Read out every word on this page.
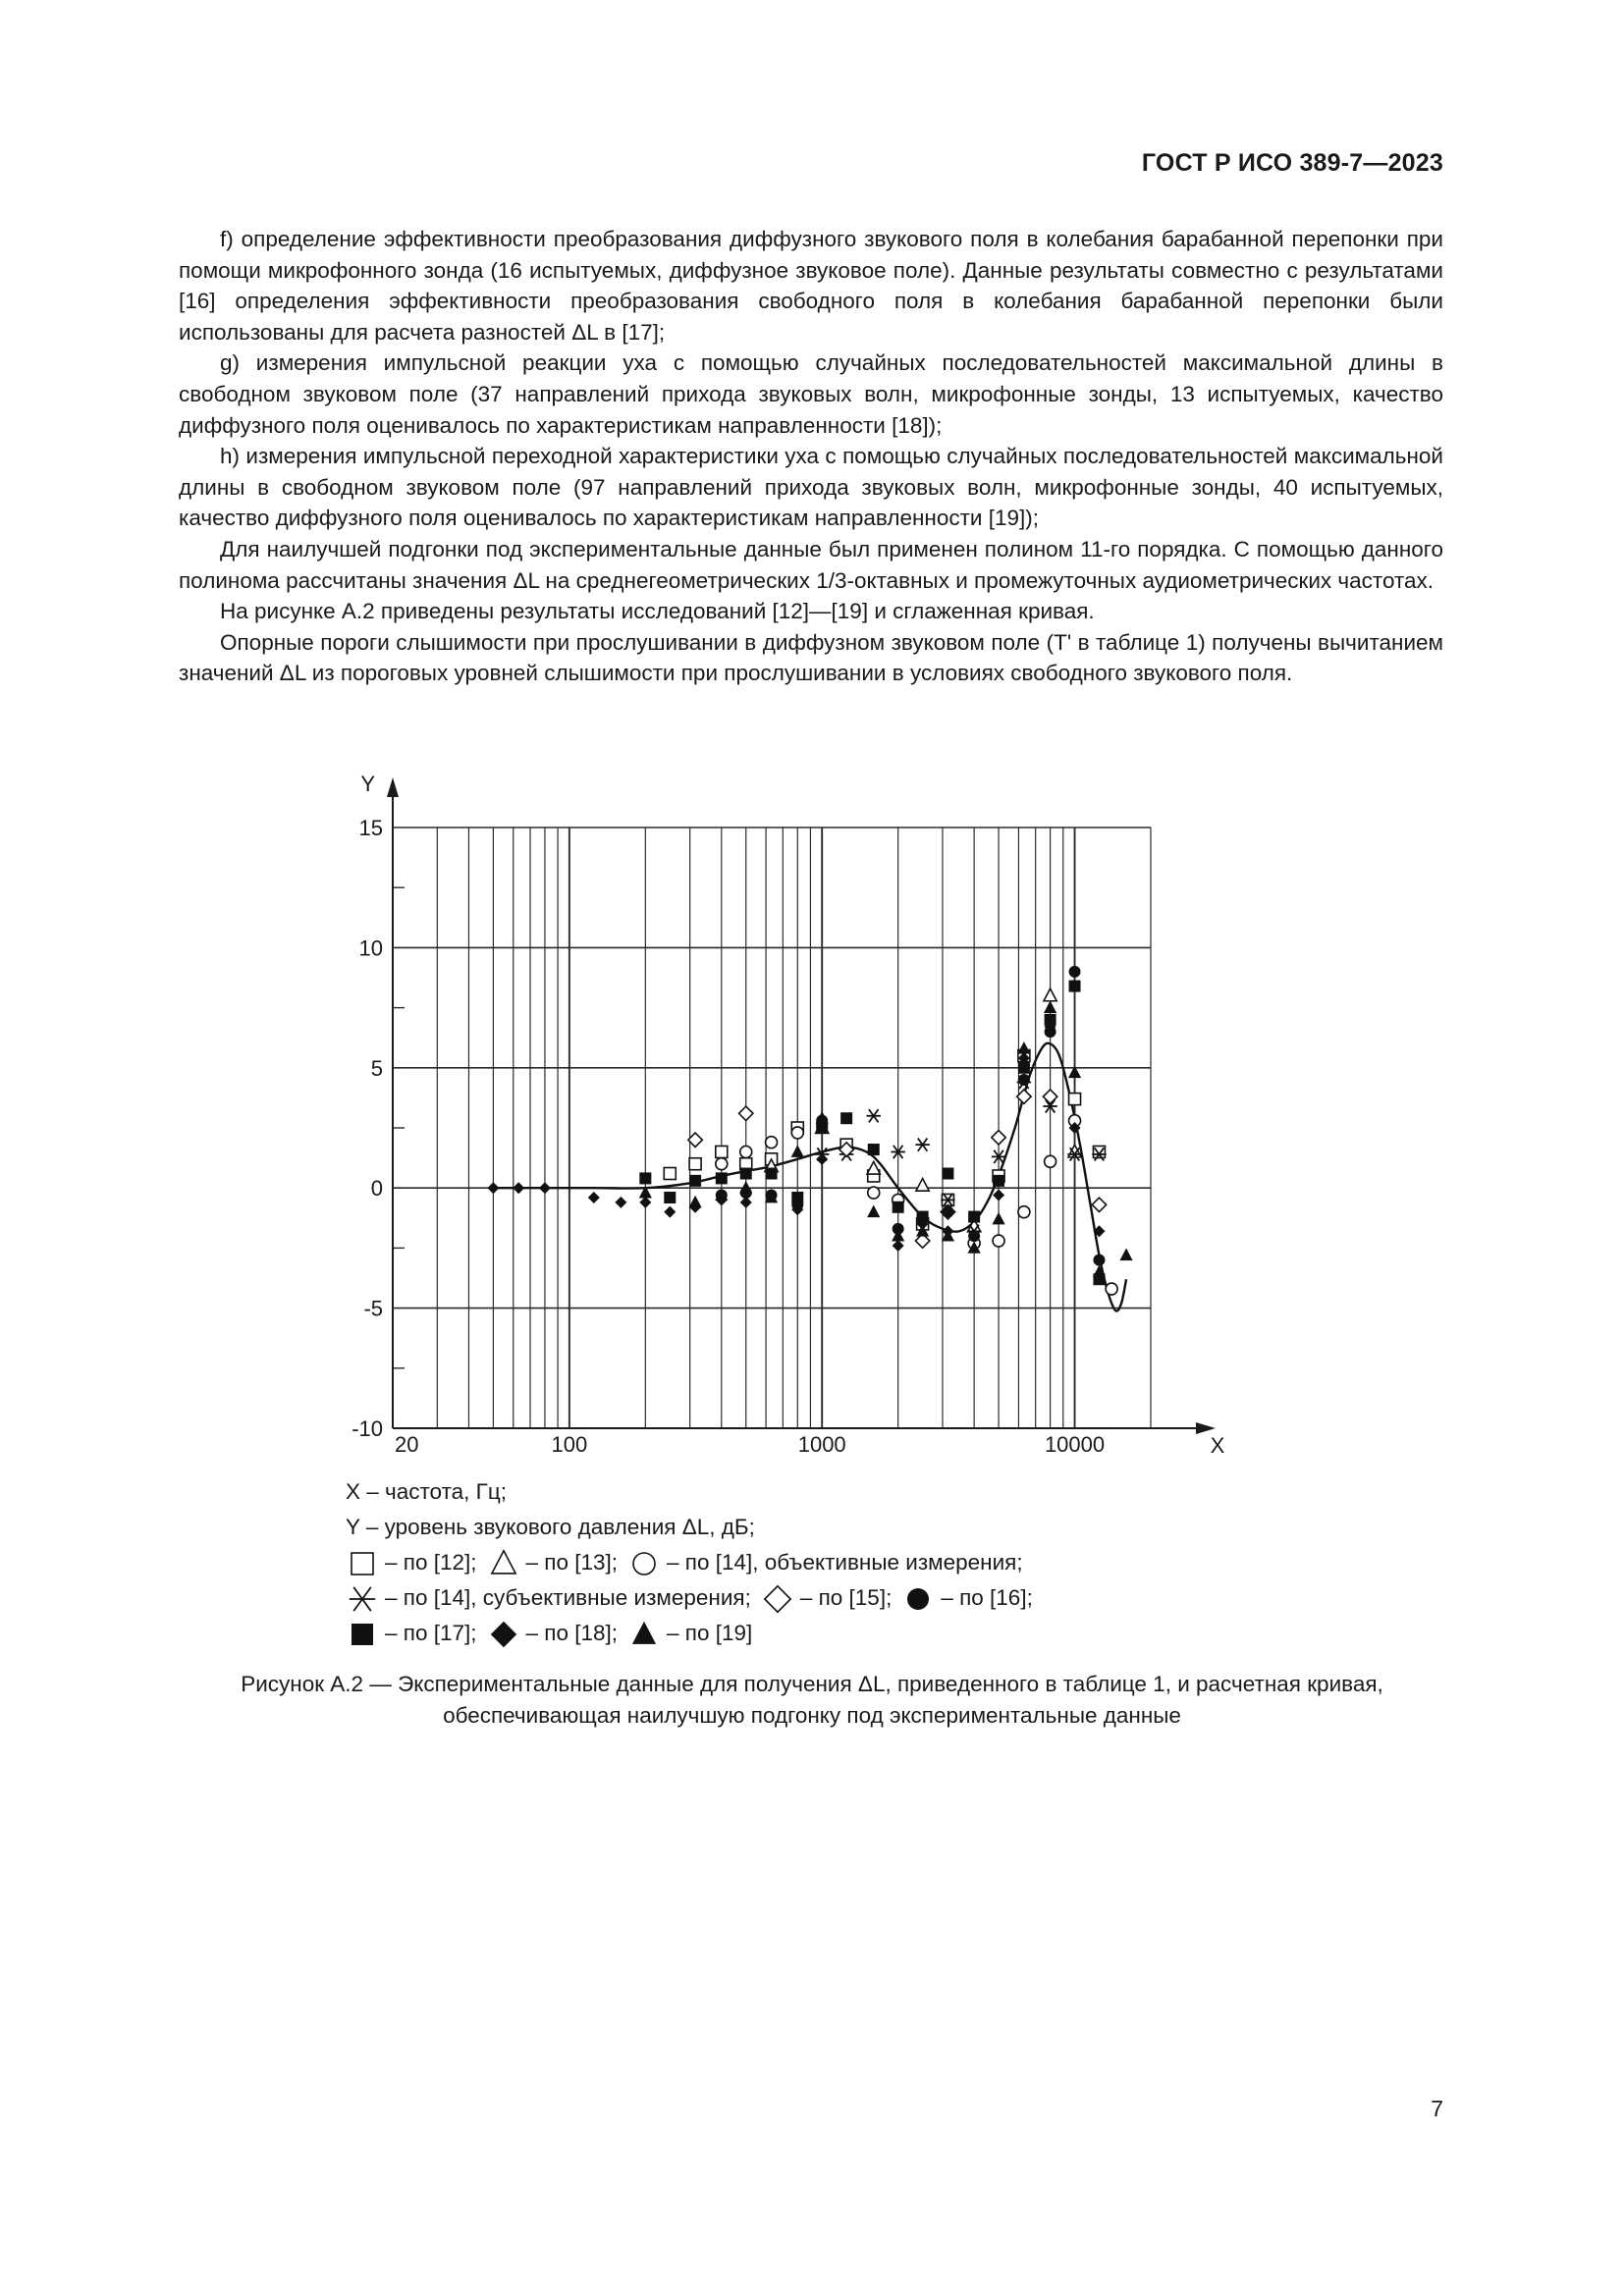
ГОСТ Р ИСО 389-7—2023

f) определение эффективности преобразования диффузного звукового поля в колебания барабанной перепонки при помощи микрофонного зонда (16 испытуемых, диффузное звуковое поле). Данные результаты совместно с результатами [16] определения эффективности преобразования свободного поля в колебания барабанной перепонки были использованы для расчета разностей ΔL в [17];

g) измерения импульсной реакции уха с помощью случайных последовательностей максимальной длины в свободном звуковом поле (37 направлений прихода звуковых волн, микрофонные зонды, 13 испытуемых, качество диффузного поля оценивалось по характеристикам направленности [18]);

h) измерения импульсной переходной характеристики уха с помощью случайных последовательностей максимальной длины в свободном звуковом поле (97 направлений прихода звуковых волн, микрофонные зонды, 40 испытуемых, качество диффузного поля оценивалось по характеристикам направленности [19]);

Для наилучшей подгонки под экспериментальные данные был применен полином 11-го порядка. С помощью данного полинома рассчитаны значения ΔL на среднегеометрических 1/3-октавных и промежуточных аудиометрических частотах.

На рисунке А.2 приведены результаты исследований [12]—[19] и сглаженная кривая.

Опорные пороги слышимости при прослушивании в диффузном звуковом поле (T' в таблице 1) получены вычитанием значений ΔL из пороговых уровней слышимости при прослушивании в условиях свободного звукового поля.

Y
X
15
10
5
0
-5
-10
20	100	1000	10000
X – частота, Гц;
Y – уровень звукового давления ΔL, дБ;
– по [12]; – по [13]; – по [14], объективные измерения;
– по [14], субъективные измерения; – по [15]; – по [16];
– по [17]; – по [18]; – по [19]
Рисунок А.2 — Экспериментальные данные для получения ΔL, приведенного в таблице 1, и расчетная кривая,
обеспечивающая наилучшую подгонку под экспериментальные данные
7
